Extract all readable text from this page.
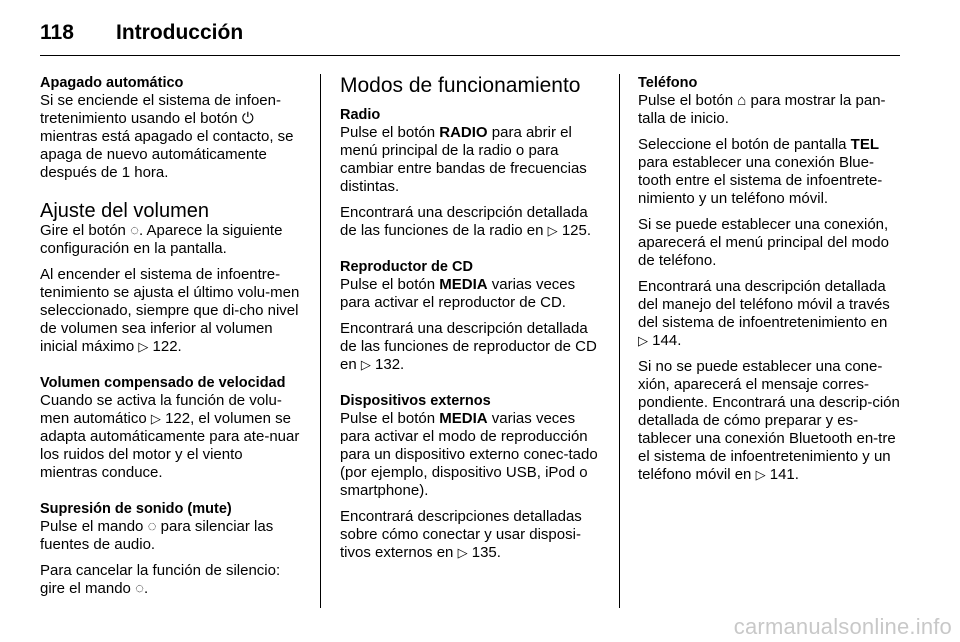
118 Introducción
Apagado automático

Si se enciende el sistema de infoen-tretenimiento usando el botón ⏻ mientras está apagado el contacto, se apaga de nuevo automáticamente después de 1 hora.

Ajuste del volumen

Gire el botón ◌. Aparece la siguiente configuración en la pantalla.

Al encender el sistema de infoentre-tenimiento se ajusta el último volu-men seleccionado, siempre que di-cho nivel de volumen sea inferior al volumen inicial máximo ▷ 122.

Volumen compensado de velocidad

Cuando se activa la función de volu-men automático ▷ 122, el volumen se adapta automáticamente para ate-nuar los ruidos del motor y el viento mientras conduce.

Supresión de sonido (mute)

Pulse el mando ◌ para silenciar las fuentes de audio.

Para cancelar la función de silencio: gire el mando ◌.

Modos de funcionamiento
Radio

Pulse el botón RADIO para abrir el menú principal de la radio o para cambiar entre bandas de frecuencias distintas.

Encontrará una descripción detallada de las funciones de la radio en ▷ 125.

Reproductor de CD

Pulse el botón MEDIA varias veces para activar el reproductor de CD.

Encontrará una descripción detallada de las funciones de reproductor de CD en ▷ 132.

Dispositivos externos

Pulse el botón MEDIA varias veces para activar el modo de reproducción para un dispositivo externo conec-tado (por ejemplo, dispositivo USB, iPod o smartphone).

Encontrará descripciones detalladas sobre cómo conectar y usar disposi-tivos externos en ▷ 135.

Teléfono

Pulse el botón ⌂ para mostrar la pan-talla de inicio.

Seleccione el botón de pantalla TEL para establecer una conexión Blue-tooth entre el sistema de infoentrete-nimiento y un teléfono móvil.

Si se puede establecer una conexión, aparecerá el menú principal del modo de teléfono.

Encontrará una descripción detallada del manejo del teléfono móvil a través del sistema de infoentretenimiento en ▷ 144.

Si no se puede establecer una cone-xión, aparecerá el mensaje corres-pondiente. Encontrará una descrip-ción detallada de cómo preparar y es-tablecer una conexión Bluetooth en-tre el sistema de infoentretenimiento y un teléfono móvil en ▷ 141.

carmanualsonline.info
